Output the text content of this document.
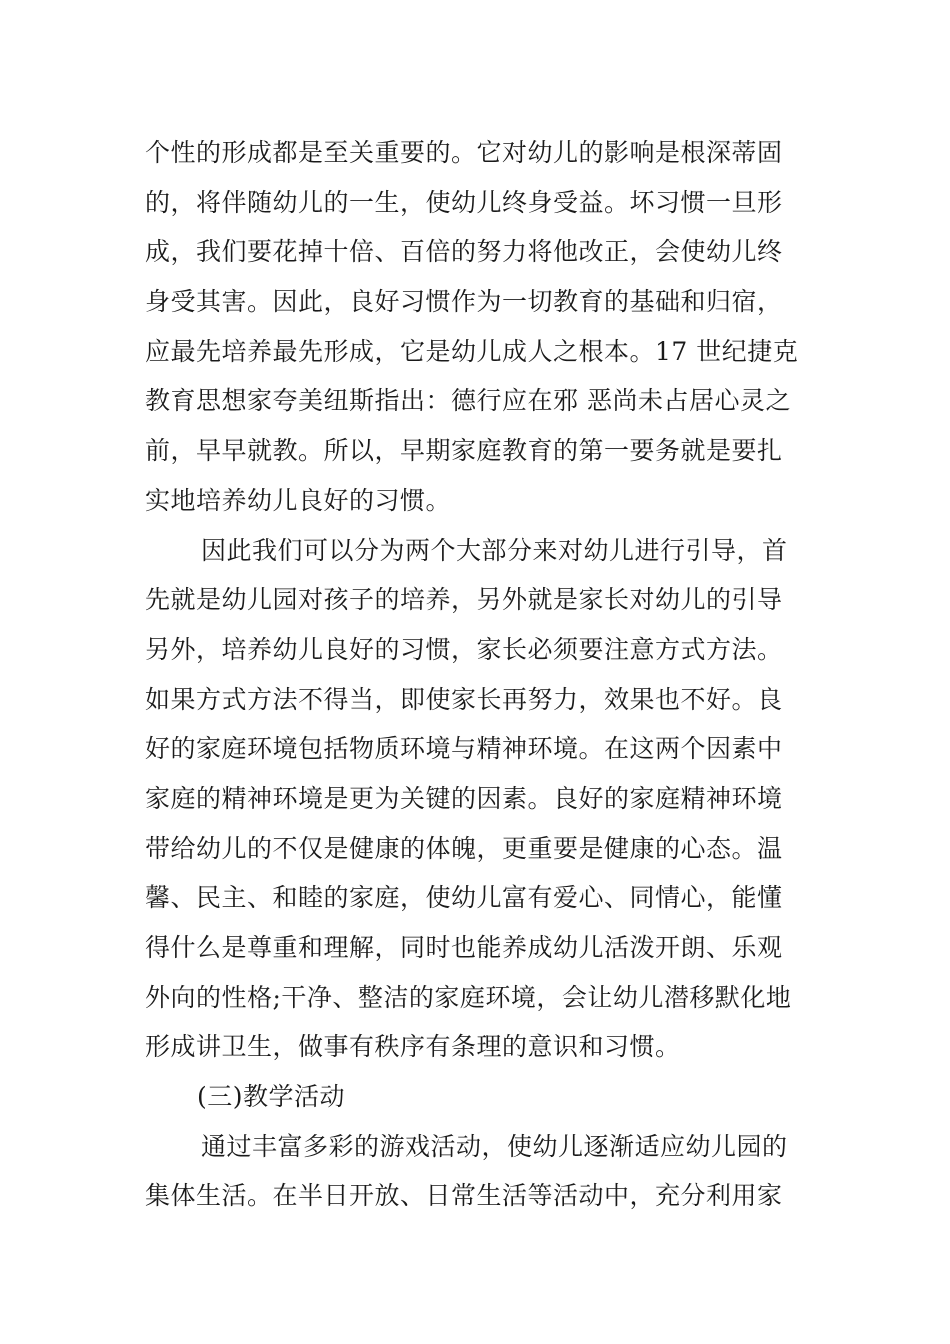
个性的形成都是至关重要的。它对幼儿的影响是根深蒂固
的，将伴随幼儿的一生，使幼儿终身受益。坏习惯一旦形
成，我们要花掉十倍、百倍的努力将他改正，会使幼儿终
身受其害。因此，良好习惯作为一切教育的基础和归宿，
应最先培养最先形成，它是幼儿成人之根本。17 世纪捷克
教育思想家夸美纽斯指出：德行应在邪 恶尚未占居心灵之
前，早早就教。所以，早期家庭教育的第一要务就是要扎
实地培养幼儿良好的习惯。
因此我们可以分为两个大部分来对幼儿进行引导，首
先就是幼儿园对孩子的培养，另外就是家长对幼儿的引导
另外，培养幼儿良好的习惯，家长必须要注意方式方法。
如果方式方法不得当，即使家长再努力，效果也不好。良
好的家庭环境包括物质环境与精神环境。在这两个因素中
家庭的精神环境是更为关键的因素。良好的家庭精神环境
带给幼儿的不仅是健康的体魄，更重要是健康的心态。温
馨、民主、和睦的家庭，使幼儿富有爱心、同情心，能懂
得什么是尊重和理解，同时也能养成幼儿活泼开朗、乐观
外向的性格;干净、整洁的家庭环境，会让幼儿潜移默化地
形成讲卫生，做事有秩序有条理的意识和习惯。
(三)教学活动
通过丰富多彩的游戏活动，使幼儿逐渐适应幼儿园的
集体生活。在半日开放、日常生活等活动中，充分利用家
